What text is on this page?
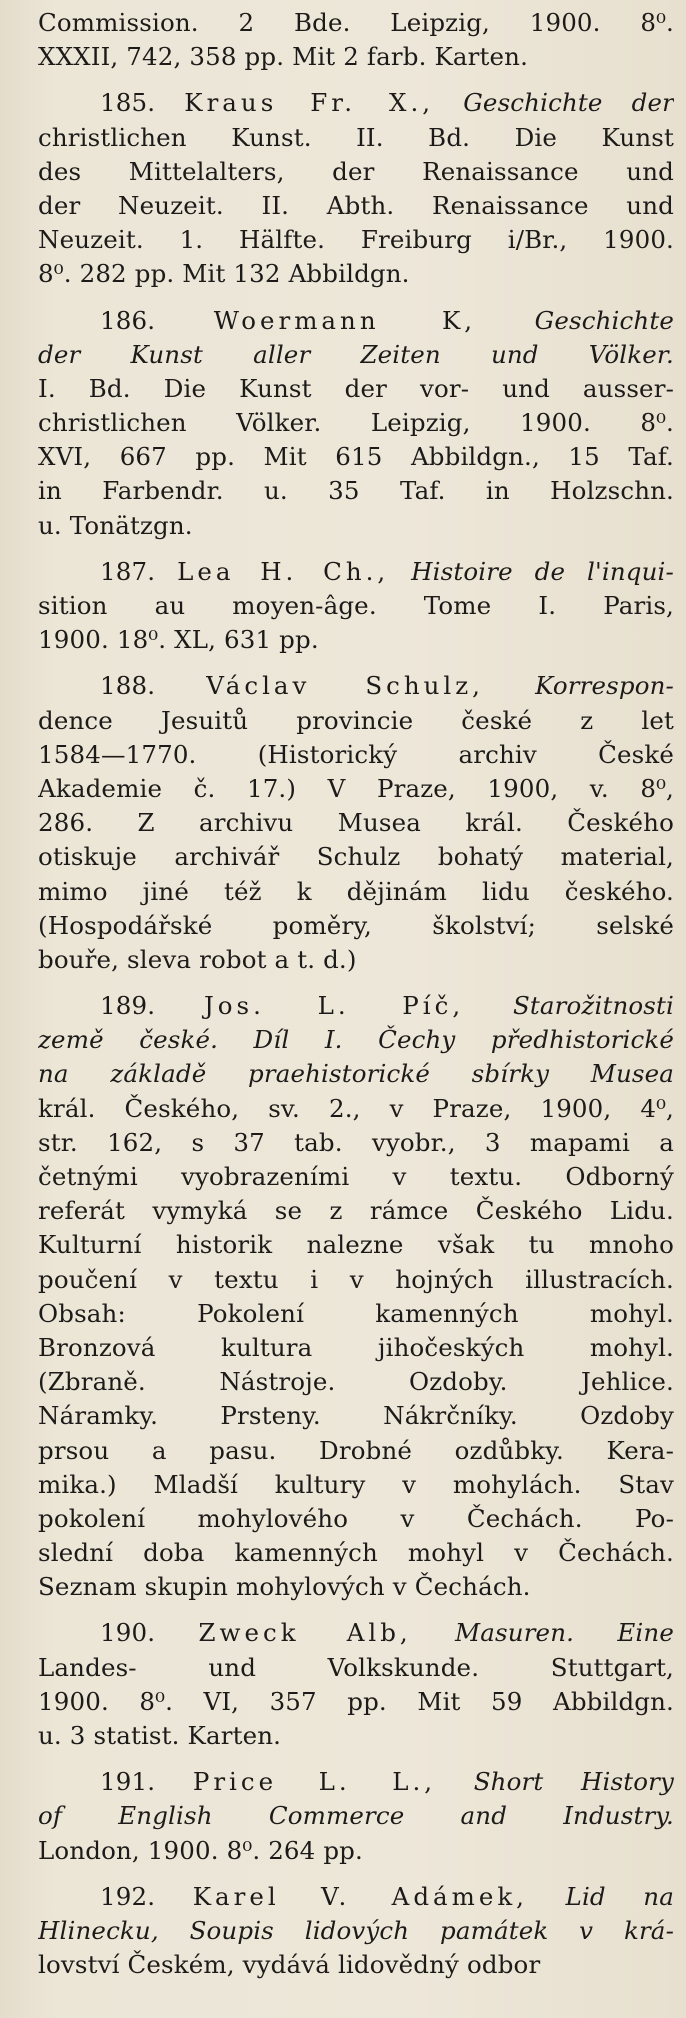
Commission. 2 Bde. Leipzig, 1900. 8⁰.
XXXII, 742, 358 pp. Mit 2 farb. Karten.
185. Kraus Fr. X., Geschichte der
christlichen Kunst. II. Bd. Die Kunst
des Mittelalters, der Renaissance und
der Neuzeit. II. Abth. Renaissance und
Neuzeit. 1. Hälfte. Freiburg i/Br., 1900.
8⁰. 282 pp. Mit 132 Abbildgn.
186. Woermann K, Geschichte
der Kunst aller Zeiten und Völker.
I. Bd. Die Kunst der vor- und ausser-
christlichen Völker. Leipzig, 1900. 8⁰.
XVI, 667 pp. Mit 615 Abbildgn., 15 Taf.
in Farbendr. u. 35 Taf. in Holzschn.
u. Tonätzgn.
187. Lea H. Ch., Histoire de l'inqui-
sition au moyen-âge. Tome I. Paris,
1900. 18⁰. XL, 631 pp.
188. Václav Schulz, Korrespon-
dence Jesuitů provincie české z let
1584—1770. (Historický archiv České
Akademie č. 17.) V Praze, 1900, v. 8⁰,
286. Z archivu Musea král. Českého
otiskuje archivář Schulz bohatý material,
mimo jiné též k dějinám lidu českého.
(Hospodářské poměry, školství; selské
bouře, sleva robot a t. d.)
189. Jos. L. Píč, Starožitnosti
země české. Díl I. Čechy předhistorické
na základě praehistorické sbírky Musea
král. Českého, sv. 2., v Praze, 1900, 4⁰,
str. 162, s 37 tab. vyobr., 3 mapami a
četnými vyobrazeními v textu. Odborný
referát vymyká se z rámce Českého Lidu.
Kulturní historik nalezne však tu mnoho
poučení v textu i v hojných illustracích.
Obsah: Pokolení kamenných mohyl.
Bronzová kultura jihočeských mohyl.
(Zbraně. Nástroje. Ozdoby. Jehlice.
Náramky. Prsteny. Nákrčníky. Ozdoby
prsou a pasu. Drobné ozdůbky. Kera-
mika.) Mladší kultury v mohylách. Stav
pokolení mohylového v Čechách. Po-
slední doba kamenných mohyl v Čechách.
Seznam skupin mohylových v Čechách.
190. Zweck Alb, Masuren. Eine
Landes- und Volkskunde. Stuttgart,
1900. 8⁰. VI, 357 pp. Mit 59 Abbildgn.
u. 3 statist. Karten.
191. Price L. L., Short History
of English Commerce and Industry.
London, 1900. 8⁰. 264 pp.
192. Karel V. Adámek, Lid na
Hlinecku, Soupis lidových památek v krá-
lovství Českém, vydává lidovědný odbor
